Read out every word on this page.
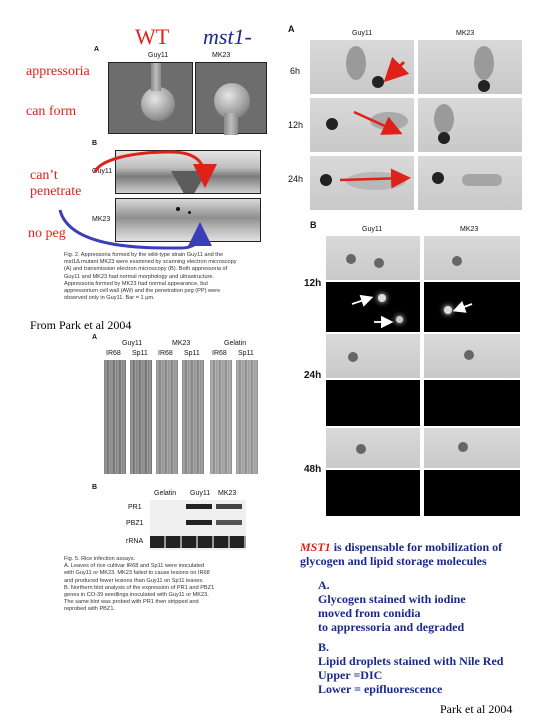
WT mst1-
A
Guy11	MK23
B
Guy11
MK23
Fig. 2. Appressoria formed by the wild-type strain Guy11 and the
mst1Δ mutant MK23 were examined by scanning electron microscopy
(A) and transmission electron microscopy (B). Both appressoria of
Guy11 and MK23 had normal morphology and ultrastructure.
Appressoria formed by MK23 had normal appearance, but
appressorium cell wall (AW) and the penetration peg (PP) were
observed only in Guy11. Bar = 1 μm.
appressoria
can form
can’t
penetrate
no peg
From Park et al 2004
A
Guy11	MK23	Gelatin
IR68 Sp11 IR68 Sp11 IR68 Sp11
B
Gelatin Guy11 MK23
PR1
PBZ1
rRNA
Fig. 5. Rice infection assays.
A. Leaves of rice cultivar IR68 and Sp11 were inoculated
with Guy11 or MK23. MK23 failed to cause lesions on IR68
and produced fewer lesions than Guy11 on Sp11 leaves.
B. Northern blot analysis of the expression of PR1 and PBZ1
genes in CO-39 seedlings inoculated with Guy11 or MK23.
The same blot was probed with PR1 then stripped and
reprobed with PBZ1.
A	Guy11	MK23
6h
12h
24h
B	Guy11	MK23
12h
24h
48h
MST1 is dispensable for mobilization of glycogen and lipid storage molecules
A.
Glycogen stained with iodine
moved from conidia
to appressoria and degraded
B.
Lipid droplets stained with Nile Red
Upper =DIC
Lower = epifluorescence
Park et al 2004
